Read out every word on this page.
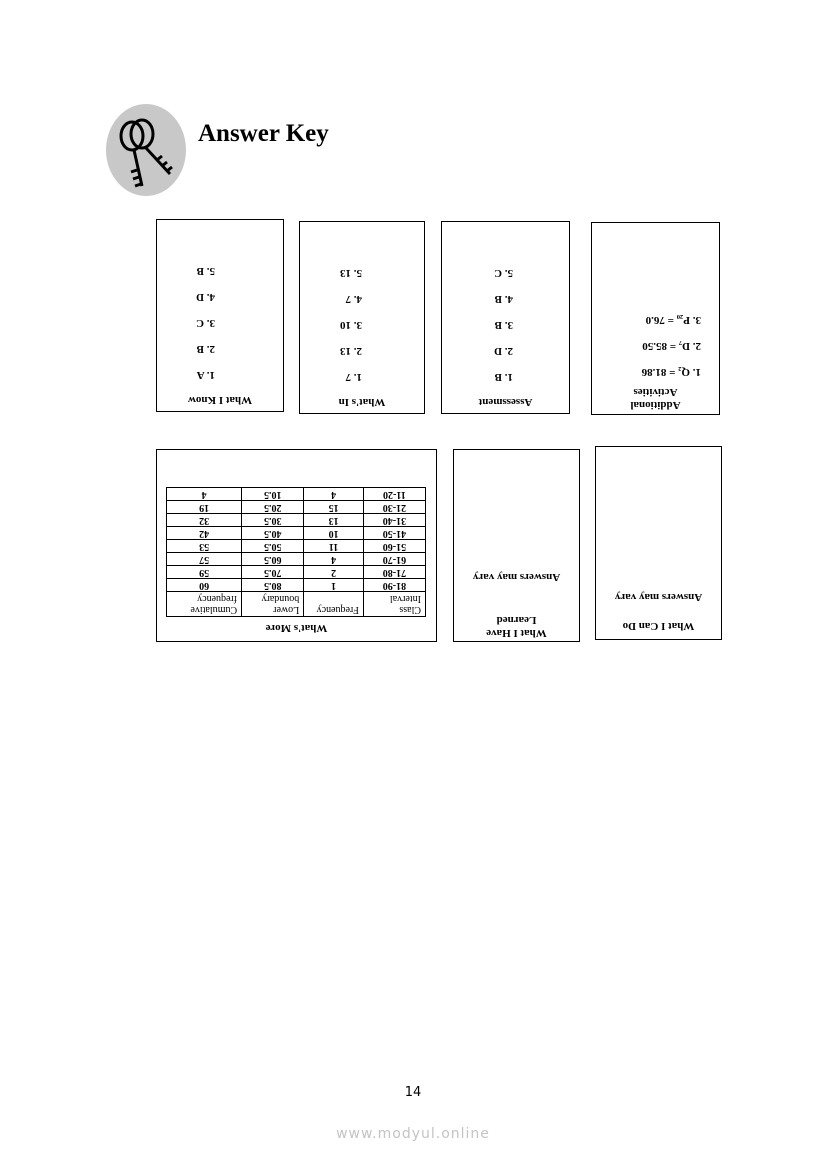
Answer Key
What I Know
1. A
2. B
3. C
4. D
5. B
What's In
1. 7
2. 13
3. 10
4. 7
5. 13
Assessment
1. B
2. D
3. B
4. B
5. C
Additional
Activities
1. Q₂ = 81.86
2. D₇ = 85.50
3. P₂₀ = 76.0
What's More
Class Interval	Frequency	Lower boundary	Cumulative frequency
81-90	1	80.5	60
71-80	2	70.5	59
61-70	4	60.5	57
51-60	11	50.5	53
41-50	10	40.5	42
31-40	13	30.5	32
21-30	15	20.5	19
11-20	4	10.5	4
What I Have
Learned
Answers may vary
What I Can Do
Answers may vary
14
www.modyul.online
